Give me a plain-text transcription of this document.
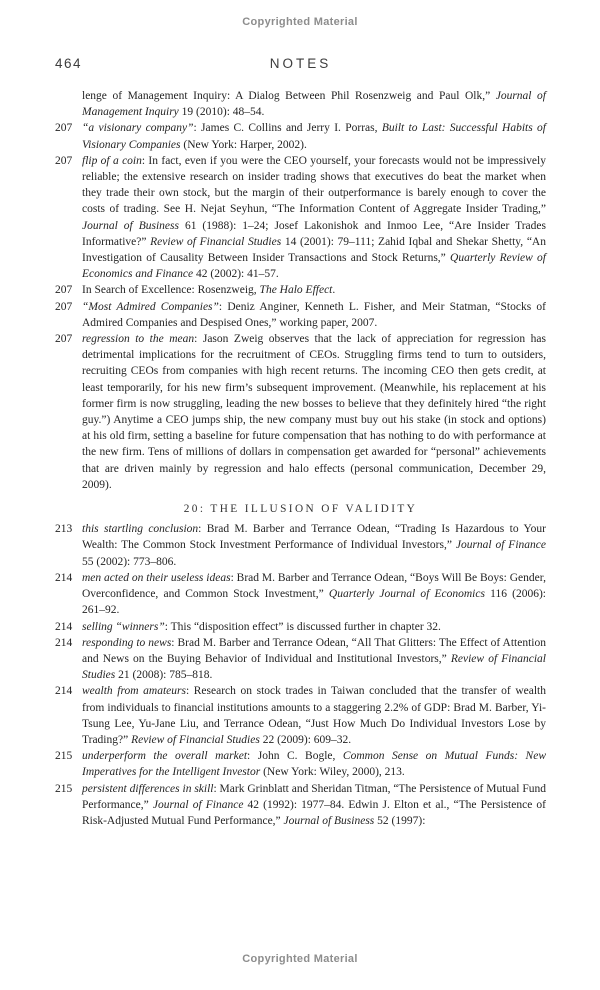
Copyrighted Material
464	NOTES
lenge of Management Inquiry: A Dialog Between Phil Rosenzweig and Paul Olk,” Journal of Management Inquiry 19 (2010): 48–54.
207 “a visionary company”: James C. Collins and Jerry I. Porras, Built to Last: Successful Habits of Visionary Companies (New York: Harper, 2002).
207 flip of a coin: In fact, even if you were the CEO yourself, your forecasts would not be impressively reliable; the extensive research on insider trading shows that executives do beat the market when they trade their own stock, but the margin of their outperformance is barely enough to cover the costs of trading. See H. Nejat Seyhun, “The Information Content of Aggregate Insider Trading,” Journal of Business 61 (1988): 1–24; Josef Lakonishok and Inmoo Lee, “Are Insider Trades Informative?” Review of Financial Studies 14 (2001): 79–111; Zahid Iqbal and Shekar Shetty, “An Investigation of Causality Between Insider Transactions and Stock Returns,” Quarterly Review of Economics and Finance 42 (2002): 41–57.
207 In Search of Excellence: Rosenzweig, The Halo Effect.
207 “Most Admired Companies”: Deniz Anginer, Kenneth L. Fisher, and Meir Statman, “Stocks of Admired Companies and Despised Ones,” working paper, 2007.
207 regression to the mean: Jason Zweig observes that the lack of appreciation for regression has detrimental implications for the recruitment of CEOs. Struggling firms tend to turn to outsiders, recruiting CEOs from companies with high recent returns. The incoming CEO then gets credit, at least temporarily, for his new firm’s subsequent improvement. (Meanwhile, his replacement at his former firm is now struggling, leading the new bosses to believe that they definitely hired “the right guy.”) Anytime a CEO jumps ship, the new company must buy out his stake (in stock and options) at his old firm, setting a baseline for future compensation that has nothing to do with performance at the new firm. Tens of millions of dollars in compensation get awarded for “personal” achievements that are driven mainly by regression and halo effects (personal communication, December 29, 2009).
20: THE ILLUSION OF VALIDITY
213 this startling conclusion: Brad M. Barber and Terrance Odean, “Trading Is Hazardous to Your Wealth: The Common Stock Investment Performance of Individual Investors,” Journal of Finance 55 (2002): 773–806.
214 men acted on their useless ideas: Brad M. Barber and Terrance Odean, “Boys Will Be Boys: Gender, Overconfidence, and Common Stock Investment,” Quarterly Journal of Economics 116 (2006): 261–92.
214 selling “winners”: This “disposition effect” is discussed further in chapter 32.
214 responding to news: Brad M. Barber and Terrance Odean, “All That Glitters: The Effect of Attention and News on the Buying Behavior of Individual and Institutional Investors,” Review of Financial Studies 21 (2008): 785–818.
214 wealth from amateurs: Research on stock trades in Taiwan concluded that the transfer of wealth from individuals to financial institutions amounts to a staggering 2.2% of GDP: Brad M. Barber, Yi-Tsung Lee, Yu-Jane Liu, and Terrance Odean, “Just How Much Do Individual Investors Lose by Trading?” Review of Financial Studies 22 (2009): 609–32.
215 underperform the overall market: John C. Bogle, Common Sense on Mutual Funds: New Imperatives for the Intelligent Investor (New York: Wiley, 2000), 213.
215 persistent differences in skill: Mark Grinblatt and Sheridan Titman, “The Persistence of Mutual Fund Performance,” Journal of Finance 42 (1992): 1977–84. Edwin J. Elton et al., “The Persistence of Risk-Adjusted Mutual Fund Performance,” Journal of Business 52 (1997):
Copyrighted Material
